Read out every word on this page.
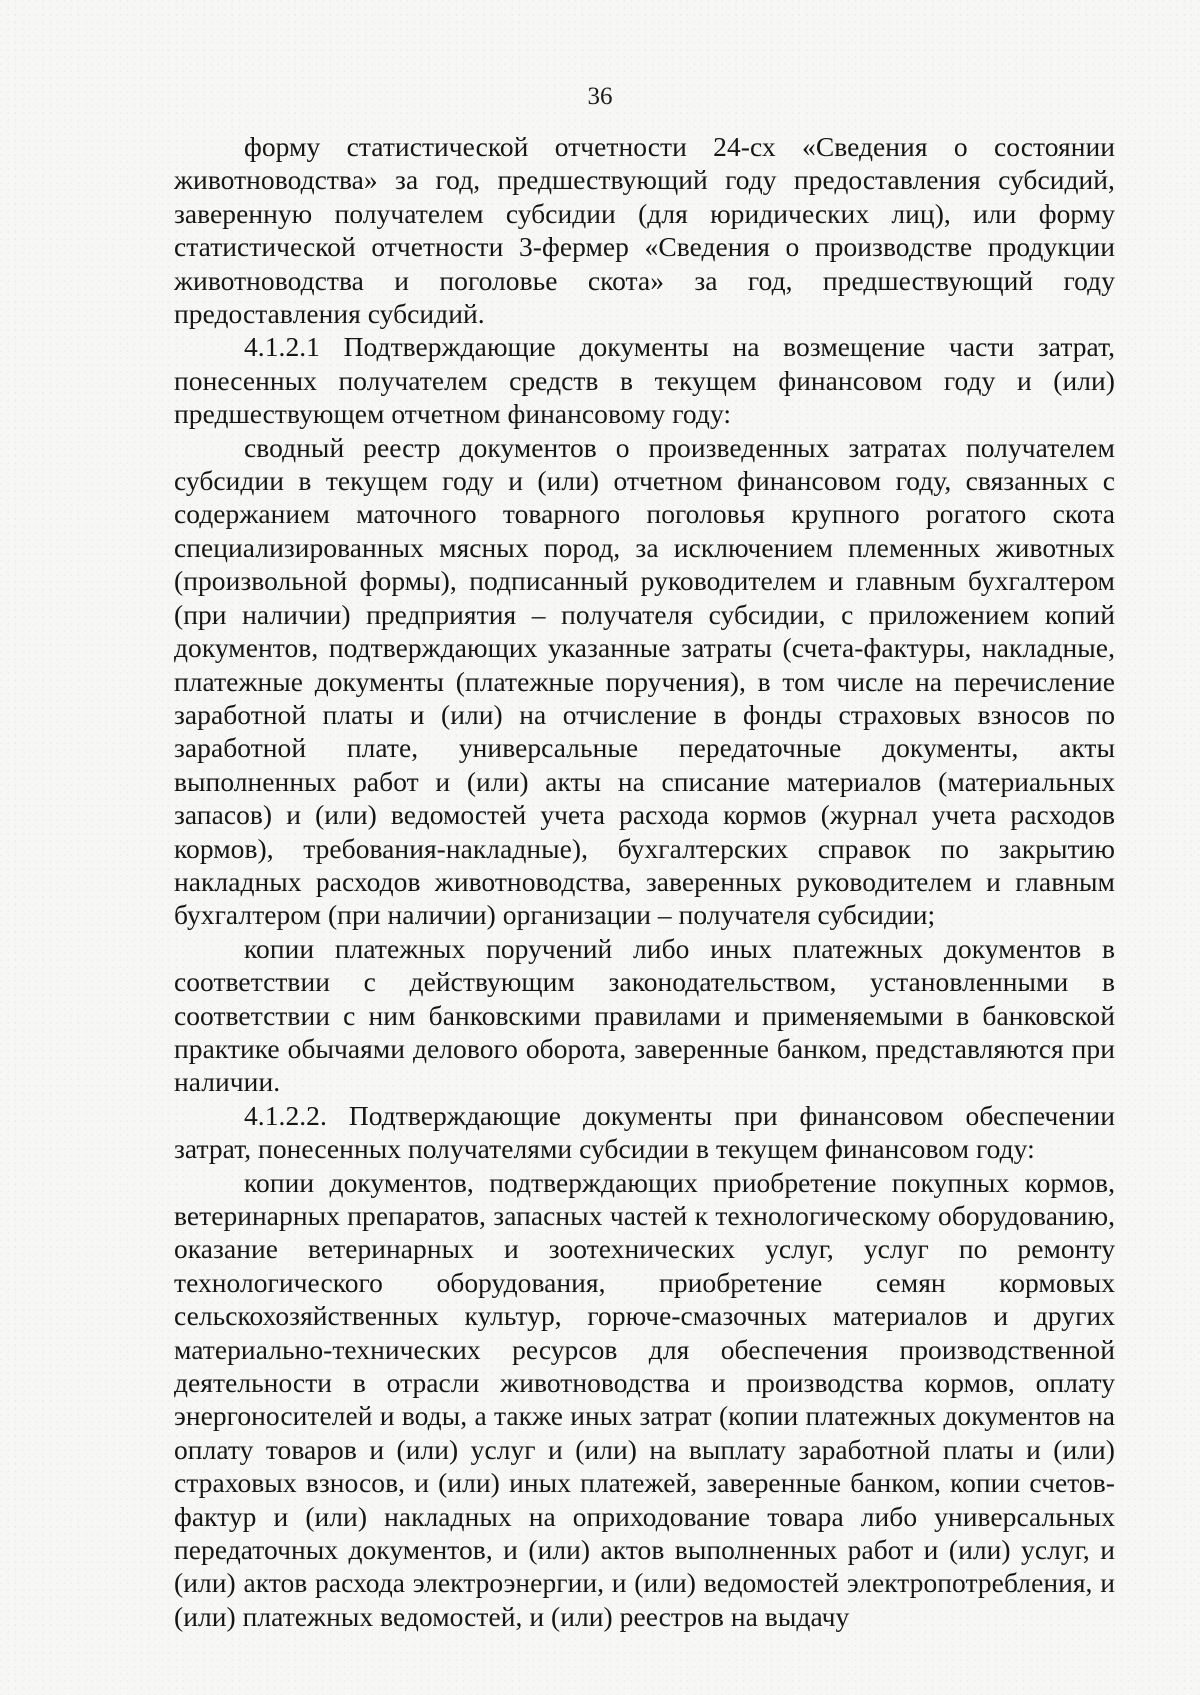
36

форму статистической отчетности 24-сх «Сведения о состоянии животноводства» за год, предшествующий году предоставления субсидий, заверенную получателем субсидии (для юридических лиц), или форму статистической отчетности 3-фермер «Сведения о производстве продукции животноводства и поголовье скота» за год, предшествующий году предоставления субсидий.

4.1.2.1 Подтверждающие документы на возмещение части затрат, понесенных получателем средств в текущем финансовом году и (или) предшествующем отчетном финансовому году:

сводный реестр документов о произведенных затратах получателем субсидии в текущем году и (или) отчетном финансовом году, связанных с содержанием маточного товарного поголовья крупного рогатого скота специализированных мясных пород, за исключением племенных животных (произвольной формы), подписанный руководителем и главным бухгалтером (при наличии) предприятия – получателя субсидии, с приложением копий документов, подтверждающих указанные затраты (счета-фактуры, накладные, платежные документы (платежные поручения), в том числе на перечисление заработной платы и (или) на отчисление в фонды страховых взносов по заработной плате, универсальные передаточные документы, акты выполненных работ и (или) акты на списание материалов (материальных запасов) и (или) ведомостей учета расхода кормов (журнал учета расходов кормов), требования-накладные), бухгалтерских справок по закрытию накладных расходов животноводства, заверенных руководителем и главным бухгалтером (при наличии) организации – получателя субсидии;

копии платежных поручений либо иных платежных документов в соответствии с действующим законодательством, установленными в соответствии с ним банковскими правилами и применяемыми в банковской практике обычаями делового оборота, заверенные банком, представляются при наличии.

4.1.2.2. Подтверждающие документы при финансовом обеспечении затрат, понесенных получателями субсидии в текущем финансовом году:

копии документов, подтверждающих приобретение покупных кормов, ветеринарных препаратов, запасных частей к технологическому оборудованию, оказание ветеринарных и зоотехнических услуг, услуг по ремонту технологического оборудования, приобретение семян кормовых сельскохозяйственных культур, горюче-смазочных материалов и других материально-технических ресурсов для обеспечения производственной деятельности в отрасли животноводства и производства кормов, оплату энергоносителей и воды, а также иных затрат (копии платежных документов на оплату товаров и (или) услуг и (или) на выплату заработной платы и (или) страховых взносов, и (или) иных платежей, заверенные банком, копии счетов-фактур и (или) накладных на оприходование товара либо универсальных передаточных документов, и (или) актов выполненных работ и (или) услуг, и (или) актов расхода электроэнергии, и (или) ведомостей электропотребления, и (или) платежных ведомостей, и (или) реестров на выдачу
